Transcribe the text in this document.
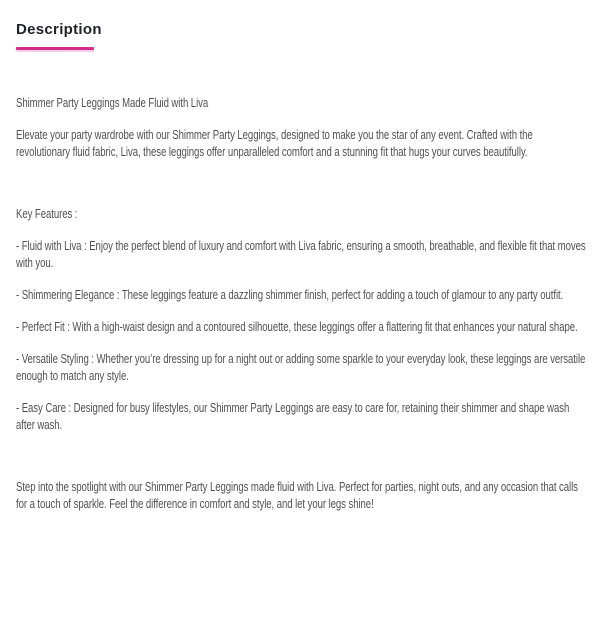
Description

Shimmer Party Leggings Made Fluid with Liva

Elevate your party wardrobe with our Shimmer Party Leggings, designed to make you the star of any event. Crafted with the revolutionary fluid fabric, Liva, these leggings offer unparalleled comfort and a stunning fit that hugs your curves beautifully.

Key Features :

- Fluid with Liva : Enjoy the perfect blend of luxury and comfort with Liva fabric, ensuring a smooth, breathable, and flexible fit that moves with you.

- Shimmering Elegance : These leggings feature a dazzling shimmer finish, perfect for adding a touch of glamour to any party outfit.

- Perfect Fit : With a high-waist design and a contoured silhouette, these leggings offer a flattering fit that enhances your natural shape.

- Versatile Styling : Whether you’re dressing up for a night out or adding some sparkle to your everyday look, these leggings are versatile enough to match any style.

- Easy Care : Designed for busy lifestyles, our Shimmer Party Leggings are easy to care for, retaining their shimmer and shape wash after wash.

Step into the spotlight with our Shimmer Party Leggings made fluid with Liva. Perfect for parties, night outs, and any occasion that calls for a touch of sparkle. Feel the difference in comfort and style, and let your legs shine!
